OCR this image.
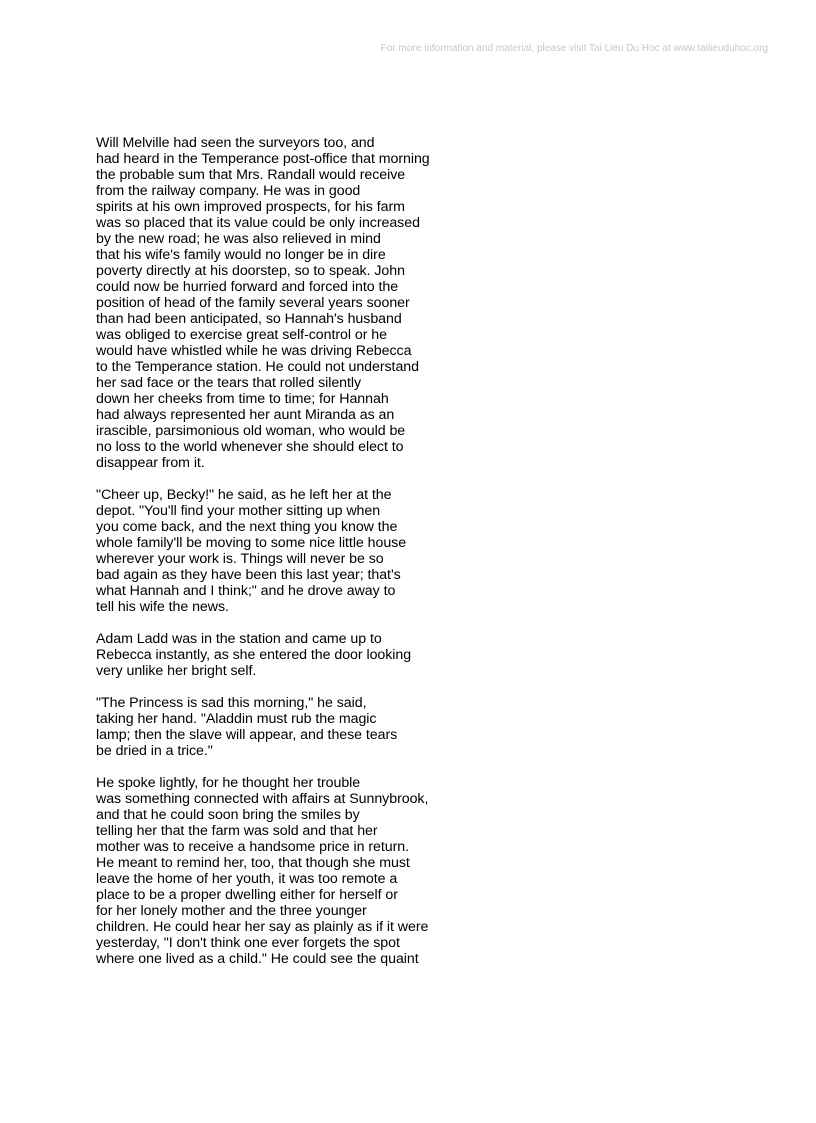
For more information and material, please visit Tai Lieu Du Hoc at www.tailieuduhoc.org

Will Melville had seen the surveyors too, and
had heard in the Temperance post-office that morning
the probable sum that Mrs. Randall would receive
from the railway company. He was in good
spirits at his own improved prospects, for his farm
was so placed that its value could be only increased
by the new road; he was also relieved in mind
that his wife's family would no longer be in dire
poverty directly at his doorstep, so to speak. John
could now be hurried forward and forced into the
position of head of the family several years sooner
than had been anticipated, so Hannah's husband
was obliged to exercise great self-control or he
would have whistled while he was driving Rebecca
to the Temperance station. He could not understand
her sad face or the tears that rolled silently
down her cheeks from time to time; for Hannah
had always represented her aunt Miranda as an
irascible, parsimonious old woman, who would be
no loss to the world whenever she should elect to
disappear from it.

"Cheer up, Becky!" he said, as he left her at the
depot. "You'll find your mother sitting up when
you come back, and the next thing you know the
whole family'll be moving to some nice little house
wherever your work is. Things will never be so
bad again as they have been this last year; that's
what Hannah and I think;" and he drove away to
tell his wife the news.

Adam Ladd was in the station and came up to
Rebecca instantly, as she entered the door looking
very unlike her bright self.

"The Princess is sad this morning," he said,
taking her hand. "Aladdin must rub the magic
lamp; then the slave will appear, and these tears
be dried in a trice."

He spoke lightly, for he thought her trouble
was something connected with affairs at Sunnybrook,
and that he could soon bring the smiles by
telling her that the farm was sold and that her
mother was to receive a handsome price in return.
He meant to remind her, too, that though she must
leave the home of her youth, it was too remote a
place to be a proper dwelling either for herself or
for her lonely mother and the three younger
children. He could hear her say as plainly as if it were
yesterday, "I don't think one ever forgets the spot
where one lived as a child." He could see the quaint
